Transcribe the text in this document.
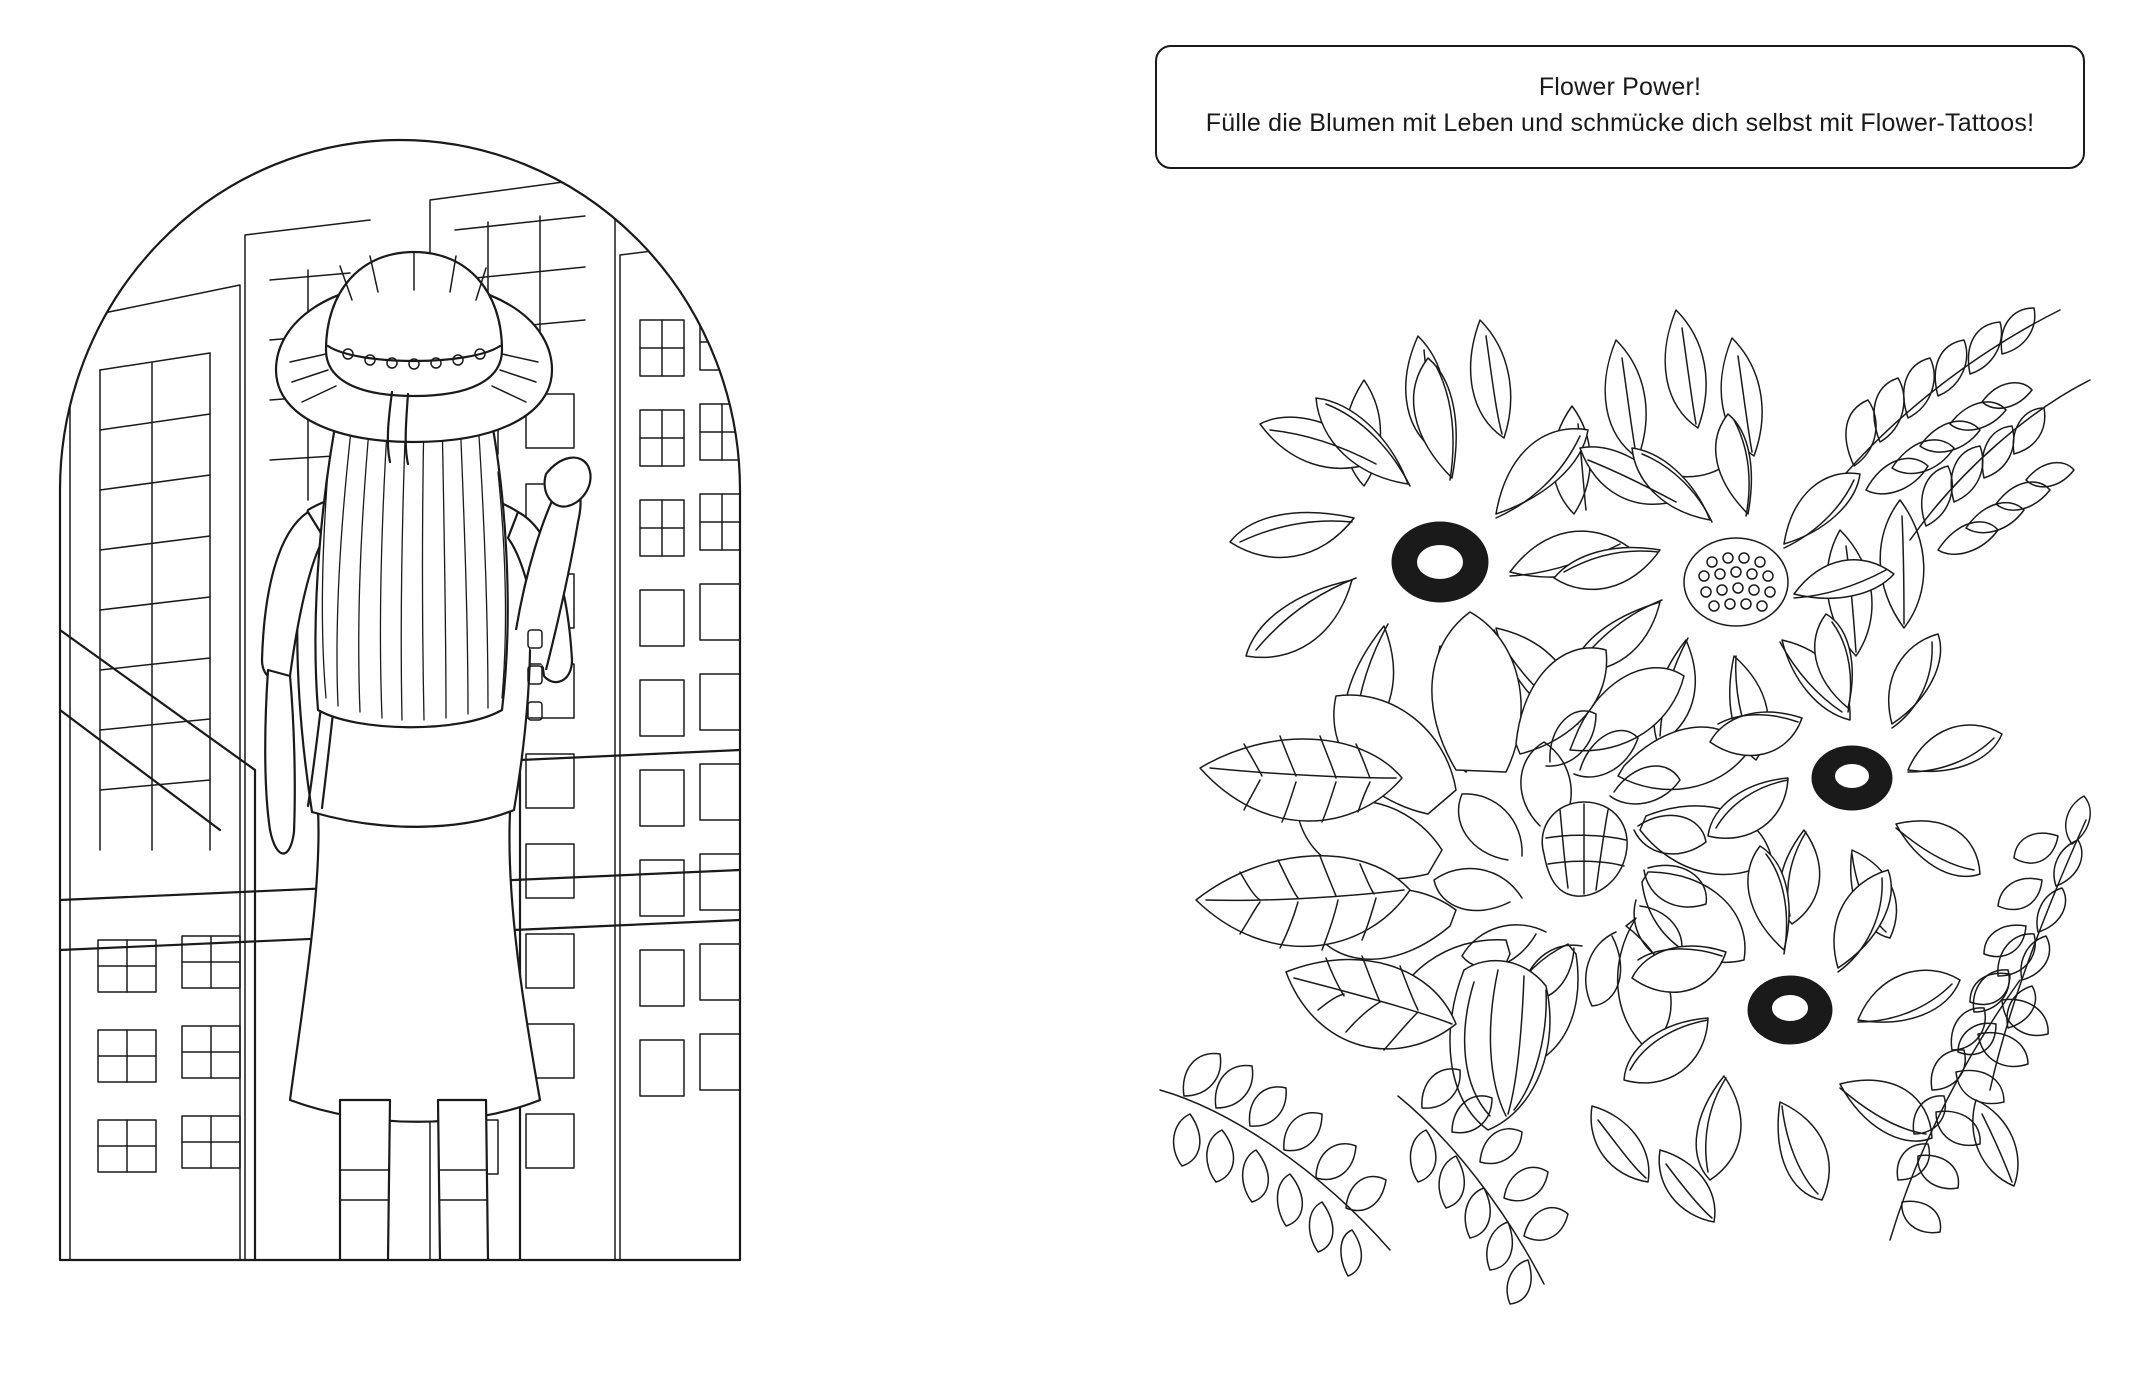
Flower Power!
Fülle die Blumen mit Leben und schmücke dich selbst mit Flower-Tattoos!
